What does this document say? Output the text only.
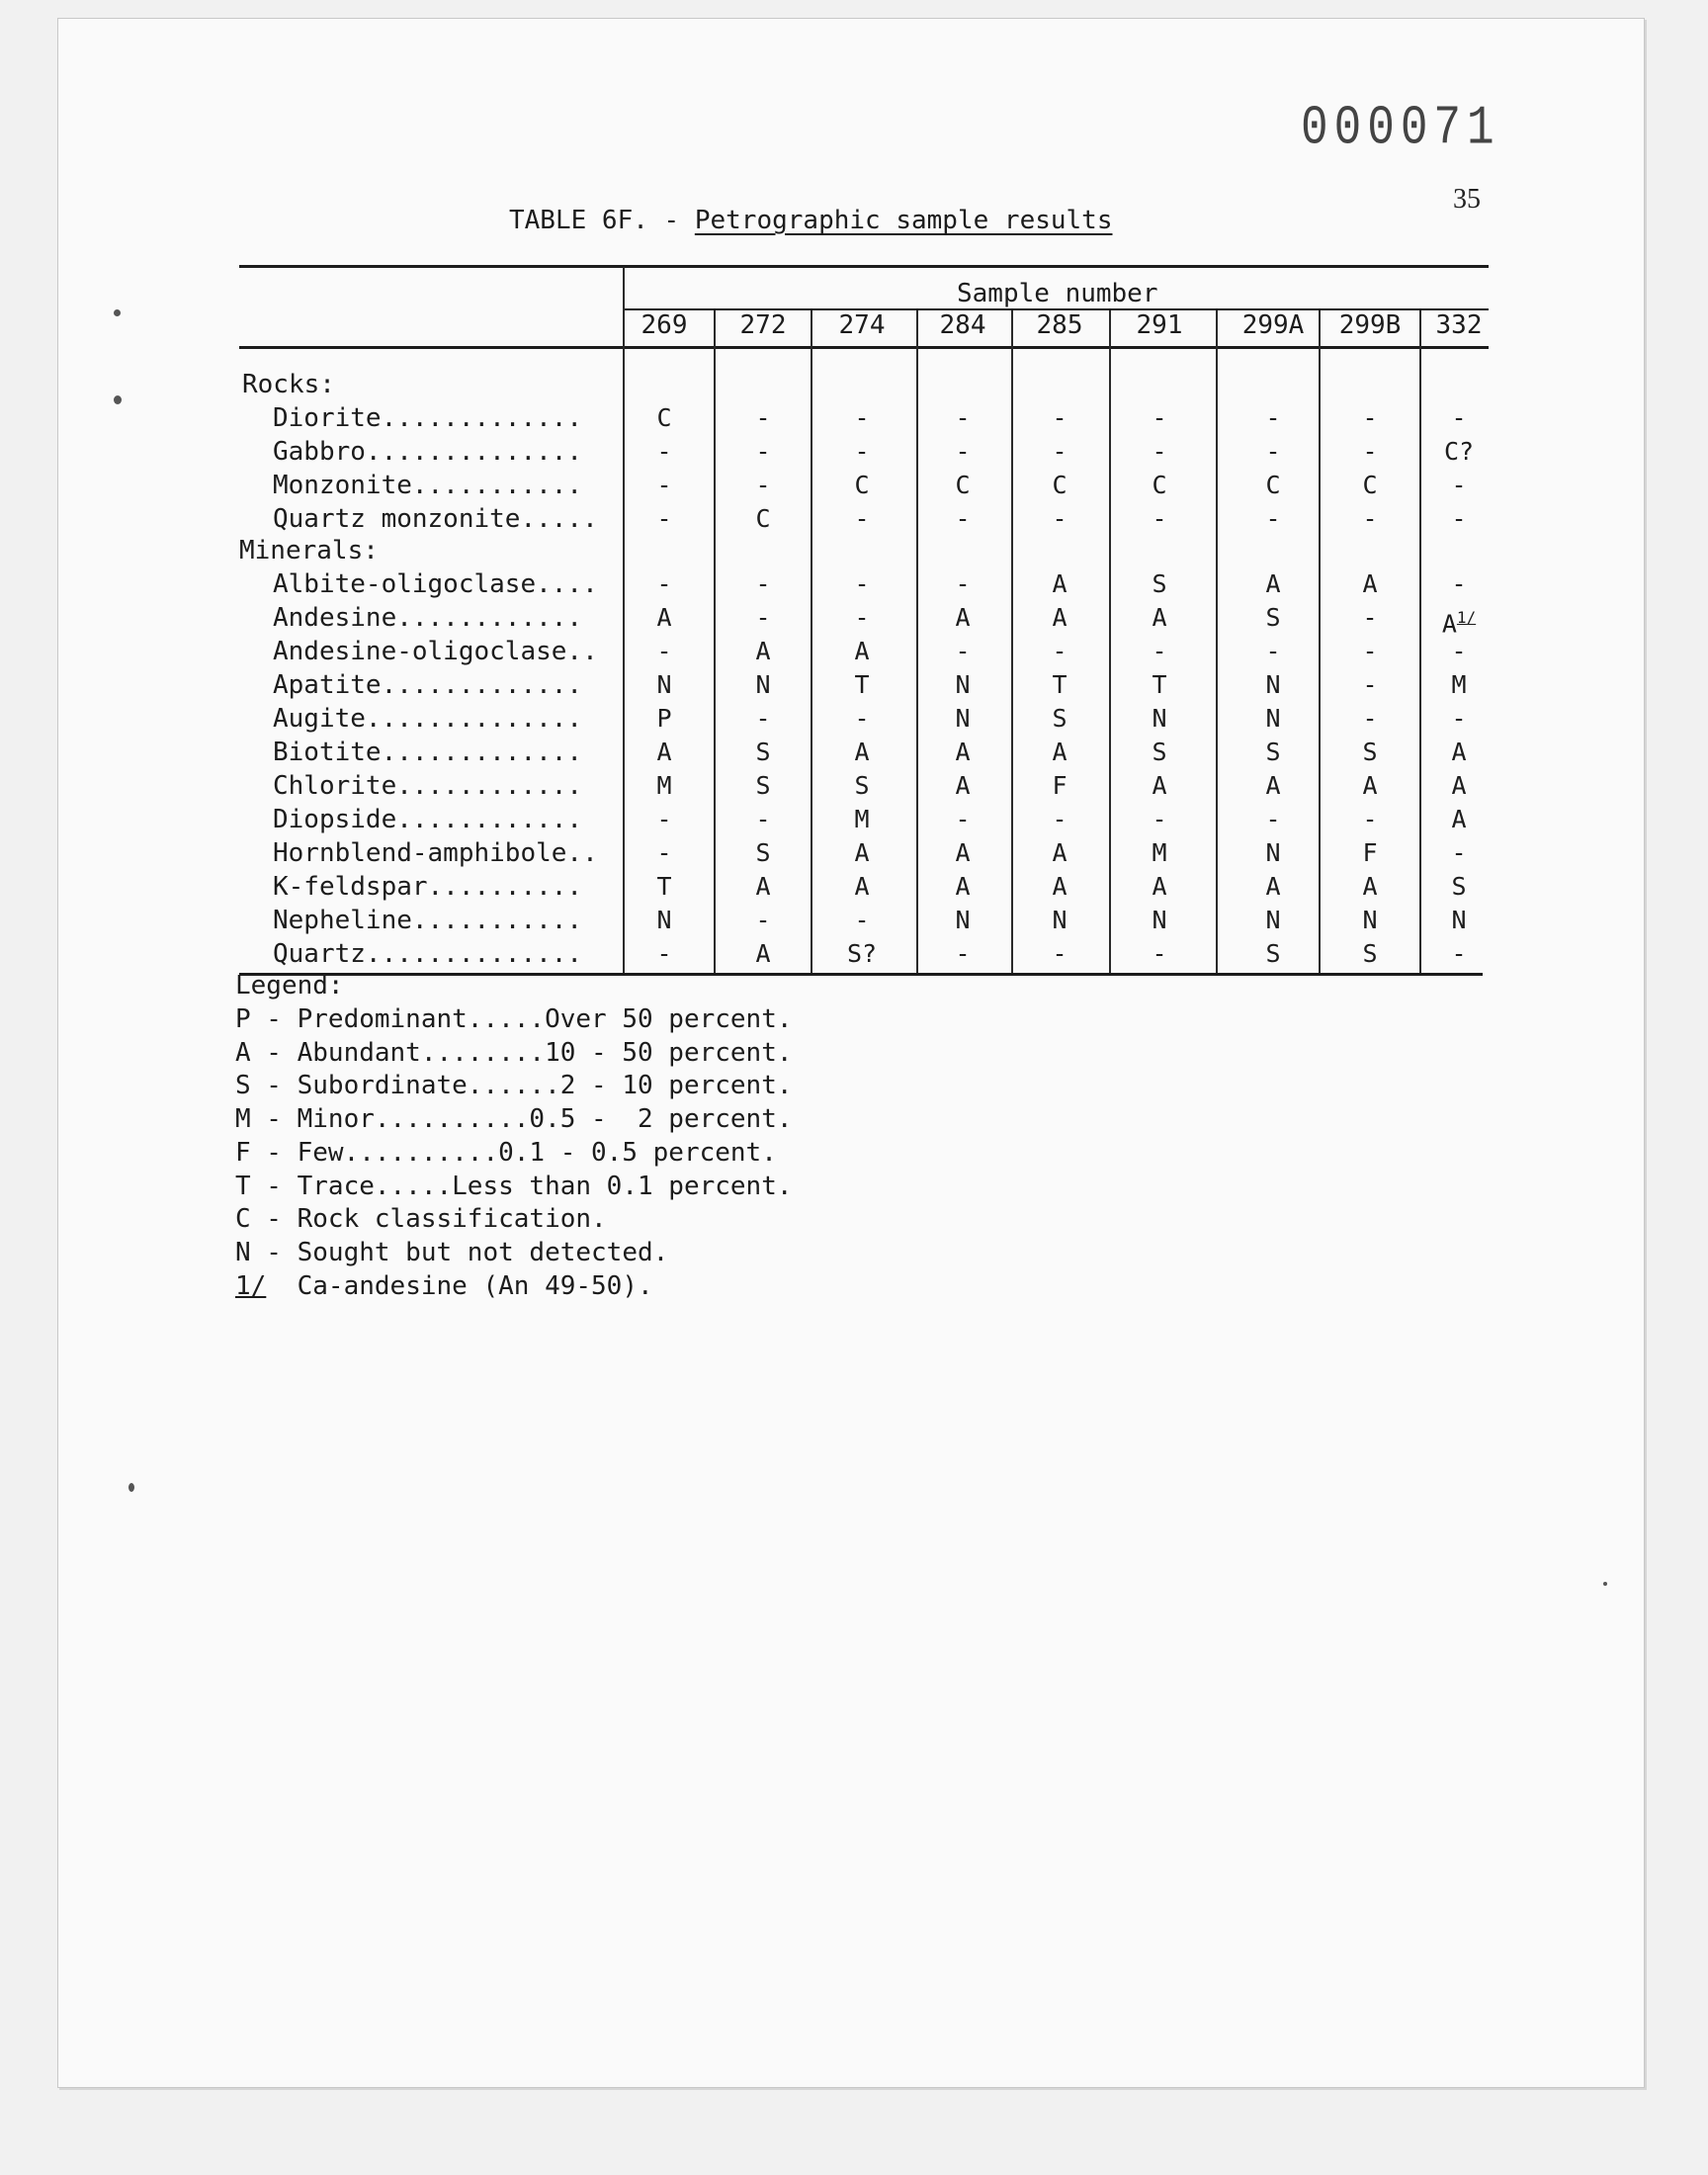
000071
35
TABLE 6F. - Petrographic sample results
Sample number
269	272	274	284	285	291	299A	299B	332
Rocks:
Diorite.............	C	-	-	-	-	-	-	-	-
Gabbro..............	-	-	-	-	-	-	-	-	C?
Monzonite...........	-	-	C	C	C	C	C	C	-
Quartz monzonite.....	-	C	-	-	-	-	-	-	-
Minerals:
Albite-oligoclase....	-	-	-	-	A	S	A	A	-
Andesine............	A	-	-	A	A	A	S	-	$A^{1/}$
Andesine-oligoclase..	-	A	A	-	-	-	-	-	-
Apatite.............	N	N	T	N	T	T	N	-	M
Augite..............	P	-	-	N	S	N	N	-	-
Biotite.............	A	S	A	A	A	S	S	S	A
Chlorite............	M	S	S	A	F	A	A	A	A
Diopside............	-	-	M	-	-	-	-	-	A
Hornblend-amphibole..	-	S	A	A	A	M	N	F	-
K-feldspar..........	T	A	A	A	A	A	A	A	S
Nepheline...........	N	-	-	N	N	N	N	N	N
Quartz..............	-	A	S?	-	-	-	S	S	-
Legend:
P - Predominant.....Over 50 percent.
A - Abundant........10 - 50 percent.
S - Subordinate......2 - 10 percent.
M - Minor..........0.5 -  2 percent.
F - Few..........0.1 - 0.5 percent.
T - Trace.....Less than 0.1 percent.
C - Rock classification.
N - Sought but not detected.
1/  Ca-andesine (An 49-50).
